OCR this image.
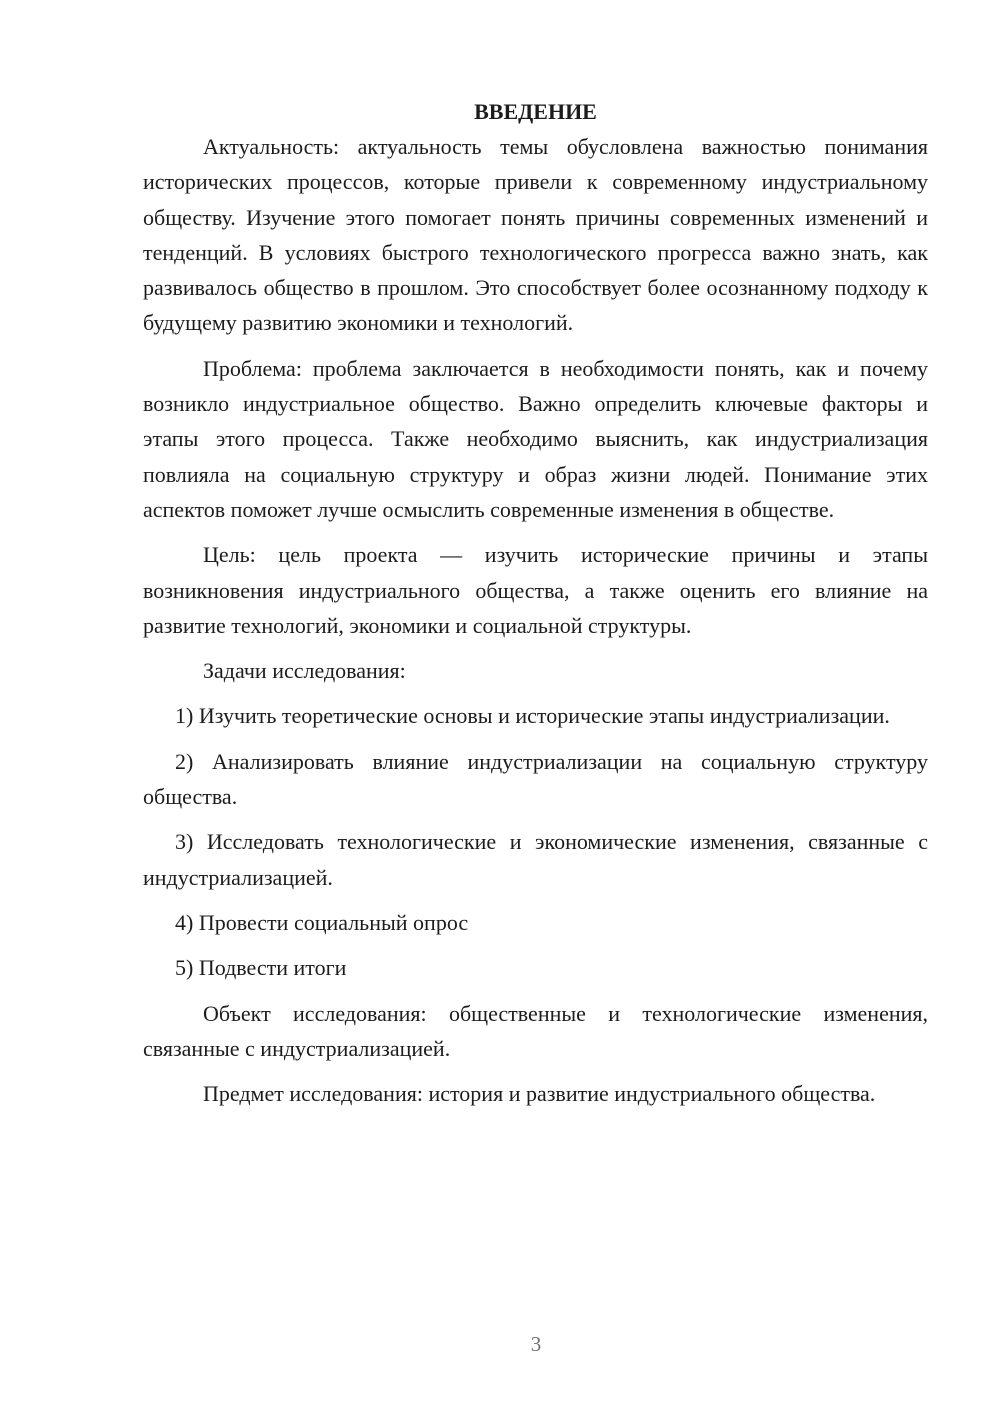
ВВЕДЕНИЕ

Актуальность: актуальность темы обусловлена важностью понимания исторических процессов, которые привели к современному индустриальному обществу. Изучение этого помогает понять причины современных изменений и тенденций. В условиях быстрого технологического прогресса важно знать, как развивалось общество в прошлом. Это способствует более осознанному подходу к будущему развитию экономики и технологий.

Проблема: проблема заключается в необходимости понять, как и почему возникло индустриальное общество. Важно определить ключевые факторы и этапы этого процесса. Также необходимо выяснить, как индустриализация повлияла на социальную структуру и образ жизни людей. Понимание этих аспектов поможет лучше осмыслить современные изменения в обществе.

Цель: цель проекта — изучить исторические причины и этапы возникновения индустриального общества, а также оценить его влияние на развитие технологий, экономики и социальной структуры.

Задачи исследования:

1) Изучить теоретические основы и исторические этапы индустриализации.

2) Анализировать влияние индустриализации на социальную структуру общества.

3) Исследовать технологические и экономические изменения, связанные с индустриализацией.

4) Провести социальный опрос

5) Подвести итоги

Объект исследования: общественные и технологические изменения, связанные с индустриализацией.

Предмет исследования: история и развитие индустриального общества.

3
